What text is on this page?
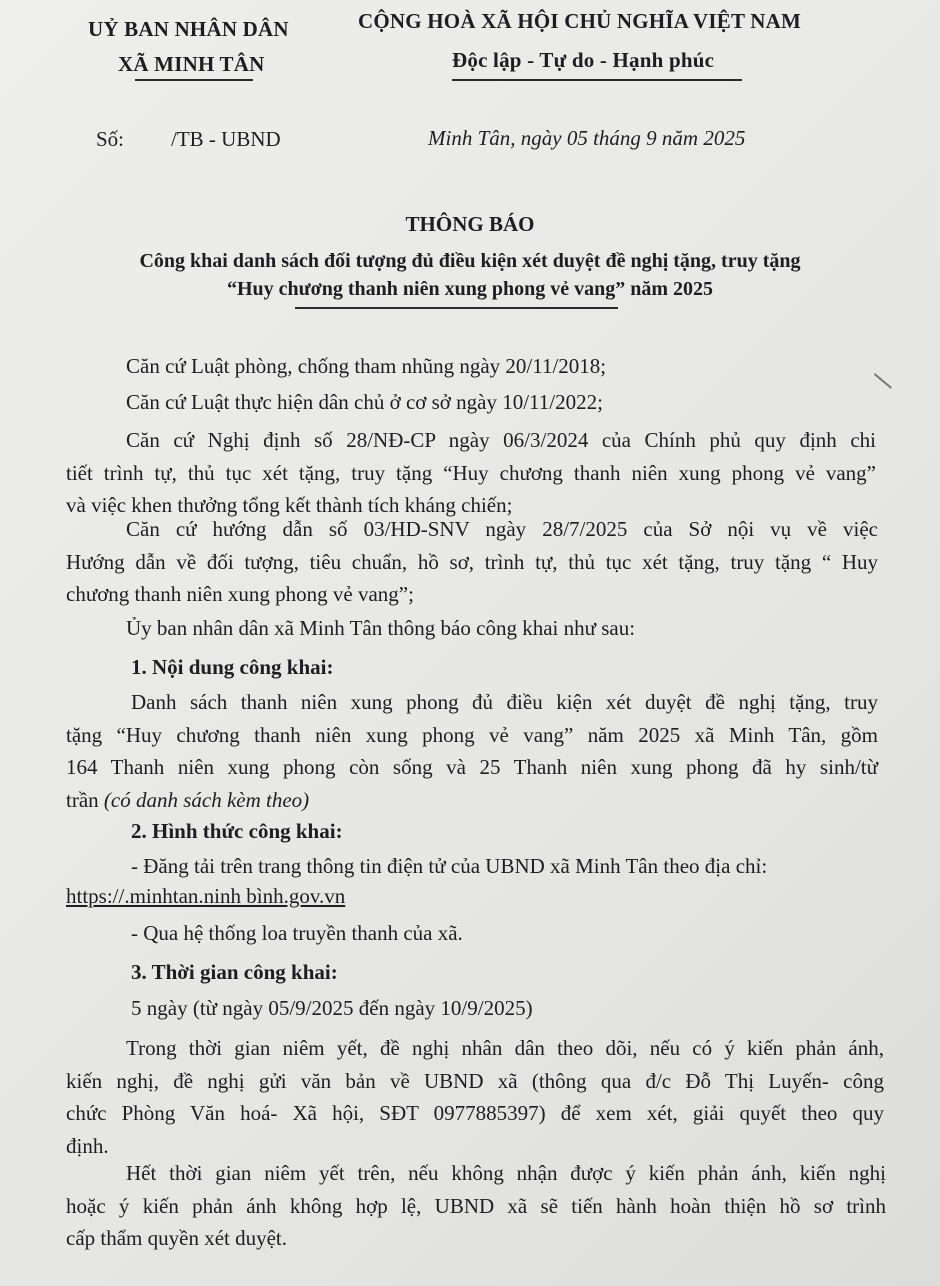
UỶ BAN NHÂN DÂN
XÃ MINH TÂN
CỘNG HOÀ XÃ HỘI CHỦ NGHĨA VIỆT NAM
Độc lập - Tự do - Hạnh phúc
Số: /TB - UBND	Minh Tân, ngày 05 tháng 9 năm 2025
THÔNG BÁO
Công khai danh sách đối tượng đủ điều kiện xét duyệt đề nghị tặng, truy tặng
“Huy chương thanh niên xung phong vẻ vang” năm 2025
Căn cứ Luật phòng, chống tham nhũng ngày 20/11/2018;
Căn cứ Luật thực hiện dân chủ ở cơ sở ngày 10/11/2022;
Căn cứ Nghị định số 28/NĐ-CP ngày 06/3/2024 của Chính phủ quy định chi
tiết trình tự, thủ tục xét tặng, truy tặng “Huy chương thanh niên xung phong vẻ vang”
và việc khen thưởng tổng kết thành tích kháng chiến;
Căn cứ hướng dẫn số 03/HD-SNV ngày 28/7/2025 của Sở nội vụ về việc
Hướng dẫn về đối tượng, tiêu chuẩn, hồ sơ, trình tự, thủ tục xét tặng, truy tặng “ Huy
chương thanh niên xung phong vẻ vang”;
Ủy ban nhân dân xã Minh Tân thông báo công khai như sau:
1. Nội dung công khai:
Danh sách thanh niên xung phong đủ điều kiện xét duyệt đề nghị tặng, truy
tặng “Huy chương thanh niên xung phong vẻ vang” năm 2025 xã Minh Tân, gồm
164 Thanh niên xung phong còn sống và 25 Thanh niên xung phong đã hy sinh/từ
trần (có danh sách kèm theo)
2. Hình thức công khai:
- Đăng tải trên trang thông tin điện tử của UBND xã Minh Tân theo địa chỉ:
https://.minhtan.ninh bình.gov.vn
- Qua hệ thống loa truyền thanh của xã.
3. Thời gian công khai:
5 ngày (từ ngày 05/9/2025 đến ngày 10/9/2025)
Trong thời gian niêm yết, đề nghị nhân dân theo dõi, nếu có ý kiến phản ánh,
kiến nghị, đề nghị gửi văn bản về UBND xã (thông qua đ/c Đỗ Thị Luyến- công
chức Phòng Văn hoá- Xã hội, SĐT 0977885397) để xem xét, giải quyết theo quy
định.
Hết thời gian niêm yết trên, nếu không nhận được ý kiến phản ánh, kiến nghị
hoặc ý kiến phản ánh không hợp lệ, UBND xã sẽ tiến hành hoàn thiện hồ sơ trình
cấp thẩm quyền xét duyệt.
